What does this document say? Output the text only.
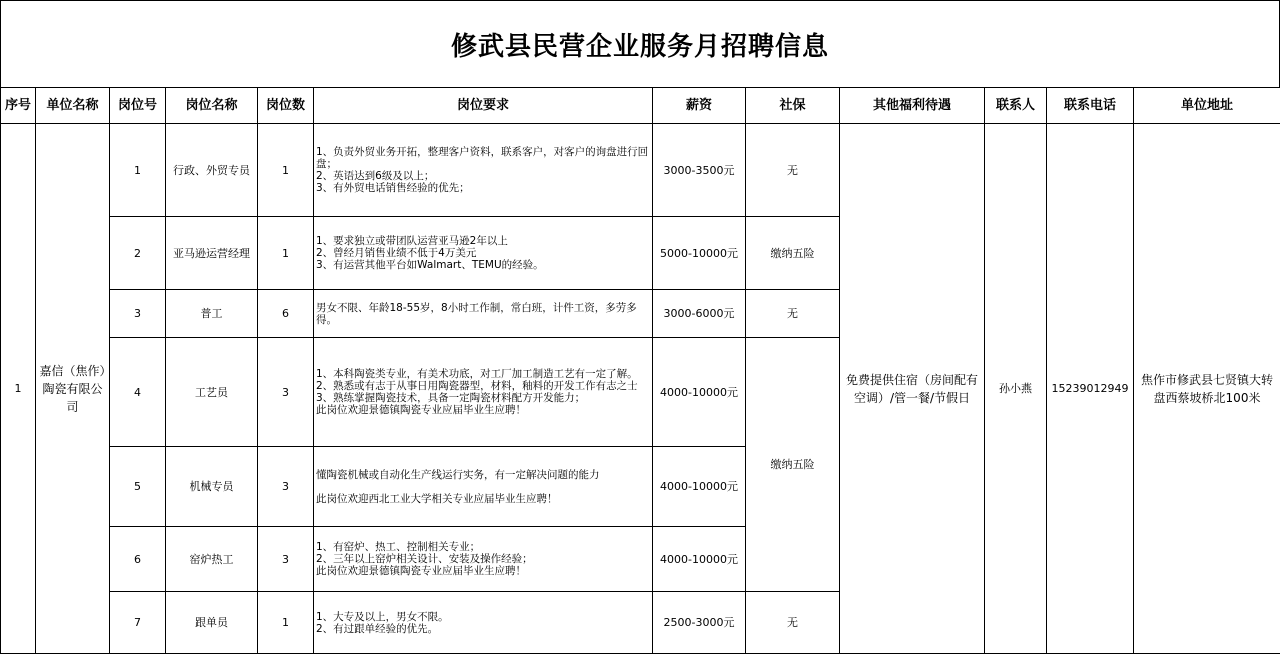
修武县民营企业服务月招聘信息
序号	单位名称	岗位号	岗位名称	岗位数	岗位要求	薪资	社保	其他福利待遇	联系人	联系电话	单位地址
1	嘉信（焦作）陶瓷有限公司	1	行政、外贸专员	1	1、负责外贸业务开拓，整理客户资料，联系客户，对客户的询盘进行回盘；
2、英语达到6级及以上；
3、有外贸电话销售经验的优先；	3000-3500元	无	免费提供住宿（房间配有空调）/管一餐/节假日	孙小燕	15239012949	焦作市修武县七贤镇大转盘西蔡坡桥北100米
		2	亚马逊运营经理	1	1、要求独立或带团队运营亚马逊2年以上
2、曾经月销售业绩不低于4万美元
3、有运营其他平台如Walmart、TEMU的经验。	5000-10000元	缴纳五险				
		3	普工	6	男女不限、年龄18-55岁，8小时工作制，常白班，计件工资，多劳多得。	3000-6000元	无				
		4	工艺员	3	1、本科陶瓷类专业，有美术功底，对工厂加工制造工艺有一定了解。
2、熟悉或有志于从事日用陶瓷器型，材料，釉料的开发工作有志之士
3、熟练掌握陶瓷技术，具备一定陶瓷材料配方开发能力；
此岗位欢迎景德镇陶瓷专业应届毕业生应聘！	4000-10000元	缴纳五险				
		5	机械专员	3	懂陶瓷机械或自动化生产线运行实务，有一定解决问题的能力
此岗位欢迎西北工业大学相关专业应届毕业生应聘！	4000-10000元					
		6	窑炉热工	3	1、有窑炉、热工、控制相关专业；
2、三年以上窑炉相关设计、安装及操作经验；
此岗位欢迎景德镇陶瓷专业应届毕业生应聘！	4000-10000元					
		7	跟单员	1	1、大专及以上，男女不限。
2、有过跟单经验的优先。	2500-3000元	无				
